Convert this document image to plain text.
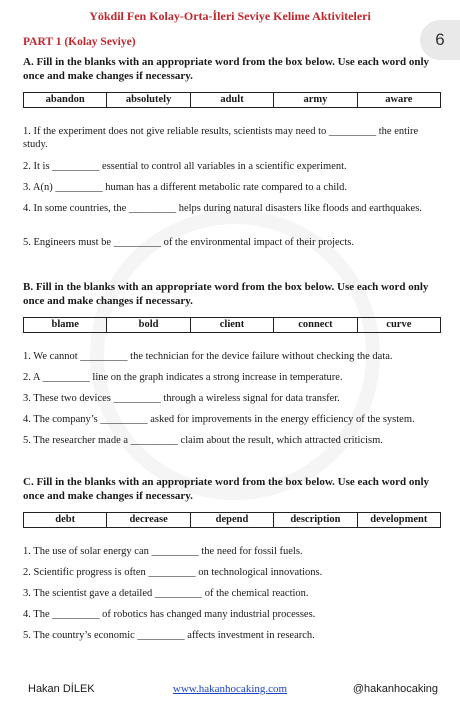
Yökdil Fen Kolay-Orta-İleri Seviye Kelime Aktiviteleri
PART 1 (Kolay Seviye)	6

A. Fill in the blanks with an appropriate word from the box below. Use each word only once and make changes if necessary.

abandon	absolutely	adult	army	aware
1. If the experiment does not give reliable results, scientists may need to _________ the entire study.
2. It is _________ essential to control all variables in a scientific experiment.
3. A(n) _________ human has a different metabolic rate compared to a child.
4. In some countries, the _________ helps during natural disasters like floods and earthquakes.
5. Engineers must be _________ of the environmental impact of their projects.

B. Fill in the blanks with an appropriate word from the box below. Use each word only once and make changes if necessary.

blame	bold	client	connect	curve
1. We cannot _________ the technician for the device failure without checking the data.
2. A _________ line on the graph indicates a strong increase in temperature.
3. These two devices _________ through a wireless signal for data transfer.
4. The company’s _________ asked for improvements in the energy efficiency of the system.
5. The researcher made a _________ claim about the result, which attracted criticism.

C. Fill in the blanks with an appropriate word from the box below. Use each word only once and make changes if necessary.

debt	decrease	depend	description	development
1. The use of solar energy can _________ the need for fossil fuels.
2. Scientific progress is often _________ on technological innovations.
3. The scientist gave a detailed _________ of the chemical reaction.
4. The _________ of robotics has changed many industrial processes.
5. The country’s economic _________ affects investment in research.
Hakan DİLEK	www.hakanhocaking.com	@hakanhocaking
